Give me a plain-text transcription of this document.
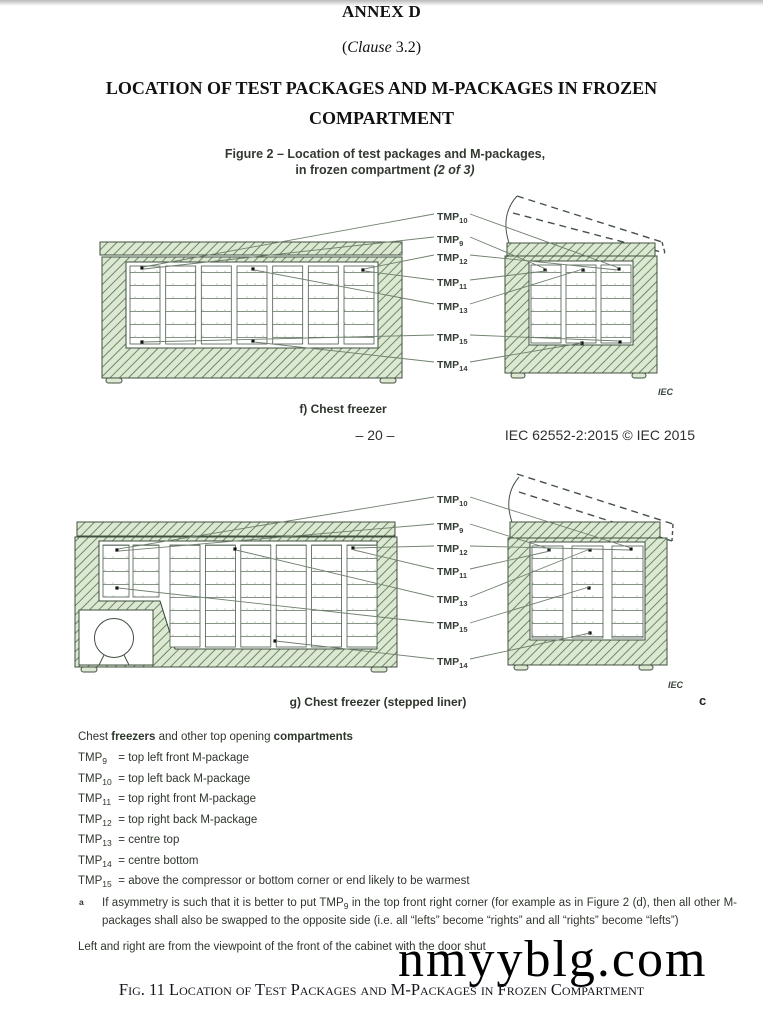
ANNEX D
(Clause 3.2)
LOCATION OF TEST PACKAGES AND M-PACKAGES IN FROZEN
COMPARTMENT
Figure 2 – Location of test packages and M-packages,
in frozen compartment (2 of 3)
$TMP_{10}$
$TMP_9$
$TMP_{12}$
$TMP_{11}$
$TMP_{13}$
$TMP_{15}$
$TMP_{14}$
IEC
$TMP_{10}$
$TMP_9$
$TMP_{12}$
$TMP_{11}$
$TMP_{13}$
$TMP_{15}$
$TMP_{14}$
IEC
f) Chest freezer
– 20 –	IEC 62552-2:2015 © IEC 2015
g) Chest freezer (stepped liner)	c
Chest freezers and other top opening compartments
$TMP_9$ = top left front M-package
$TMP_{10}$ = top left back M-package
$TMP_{11}$ = top right front M-package
$TMP_{12}$ = top right back M-package
$TMP_{13}$ = centre top
$TMP_{14}$ = centre bottom
$TMP_{15}$ = above the compressor or bottom corner or end likely to be warmest
a If asymmetry is such that it is better to put $TMP_9$ in the top front right corner (for example as in Figure 2 (d), then all other M-packages shall also be swapped to the opposite side (i.e. all “lefts” become “rights” and all “rights” become “lefts”)
Left and right are from the viewpoint of the front of the cabinet with the door shut
nmyyblg.com
Fig. 11 Location of Test Packages and M-Packages in Frozen Compartment
